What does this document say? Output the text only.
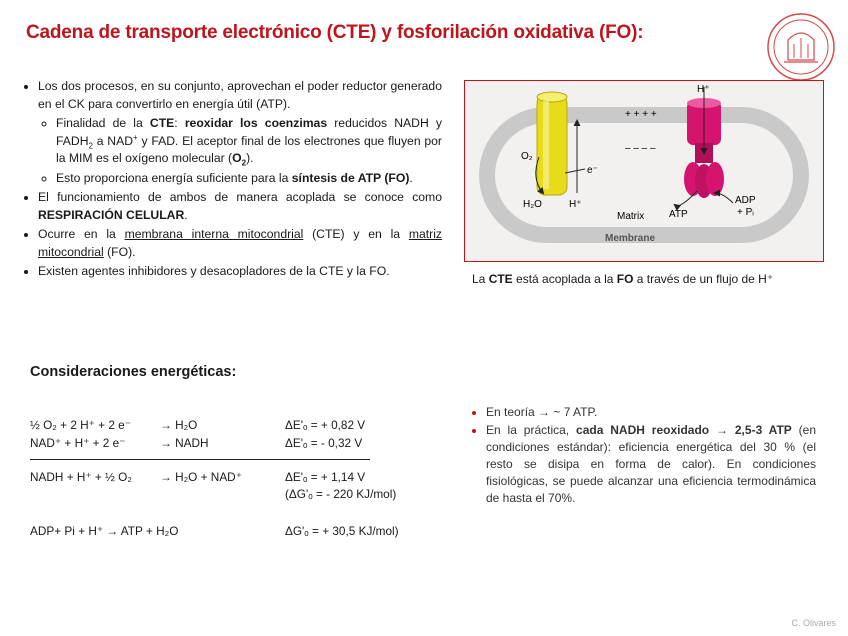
Cadena de transporte electrónico (CTE) y fosforilación oxidativa (FO):
• Los dos procesos, en su conjunto, aprovechan el poder reductor generado en el CK para convertirlo en energía útil (ATP).
◦ Finalidad de la CTE: reoxidar los coenzimas reducidos NADH y $FADH_2$ a NAD+ y FAD. El aceptor final de los electrones que fluyen por la MIM es el oxígeno molecular $(O_2)$.
◦ Esto proporciona energía suficiente para la síntesis de ATP (FO).
• El funcionamiento de ambos de manera acoplada se conoce como RESPIRACIÓN CELULAR.
• Ocurre en la membrana interna mitocondrial (CTE) y en la matriz mitocondrial (FO).
• Existen agentes inhibidores y desacopladores de la CTE y la FO.
H⁺
+ + + +
– – – –
O₂
e⁻
H₂O	H⁺
Matrix ATP
ADP
+ Pᵢ
Membrane
La CTE está acoplada a la FO a través de un flujo de H⁺
Consideraciones energéticas:
½ O₂ + 2 H⁺ + 2 e⁻ → H₂O	ΔE'ₒ = + 0,82 V
NAD⁺ + H⁺ + 2 e⁻	→ NADH	ΔE'ₒ = - 0,32 V
NADH + H⁺ + ½ O₂ → H₂O + NAD⁺	ΔE'ₒ = + 1,14 V
(ΔG'ₒ = - 220 KJ/mol)
ADP+ Pi + H⁺ → ATP + H₂O	ΔG'ₒ = + 30,5 KJ/mol)
• En teoría → ~ 7 ATP.
• En la práctica, cada NADH reoxidado → 2,5-3 ATP (en condiciones estándar): eficiencia energética del 30 % (el resto se disipa en forma de calor). En condiciones fisiológicas, se puede alcanzar una eficiencia termodinámica de hasta el 70%.
C. Olivares
